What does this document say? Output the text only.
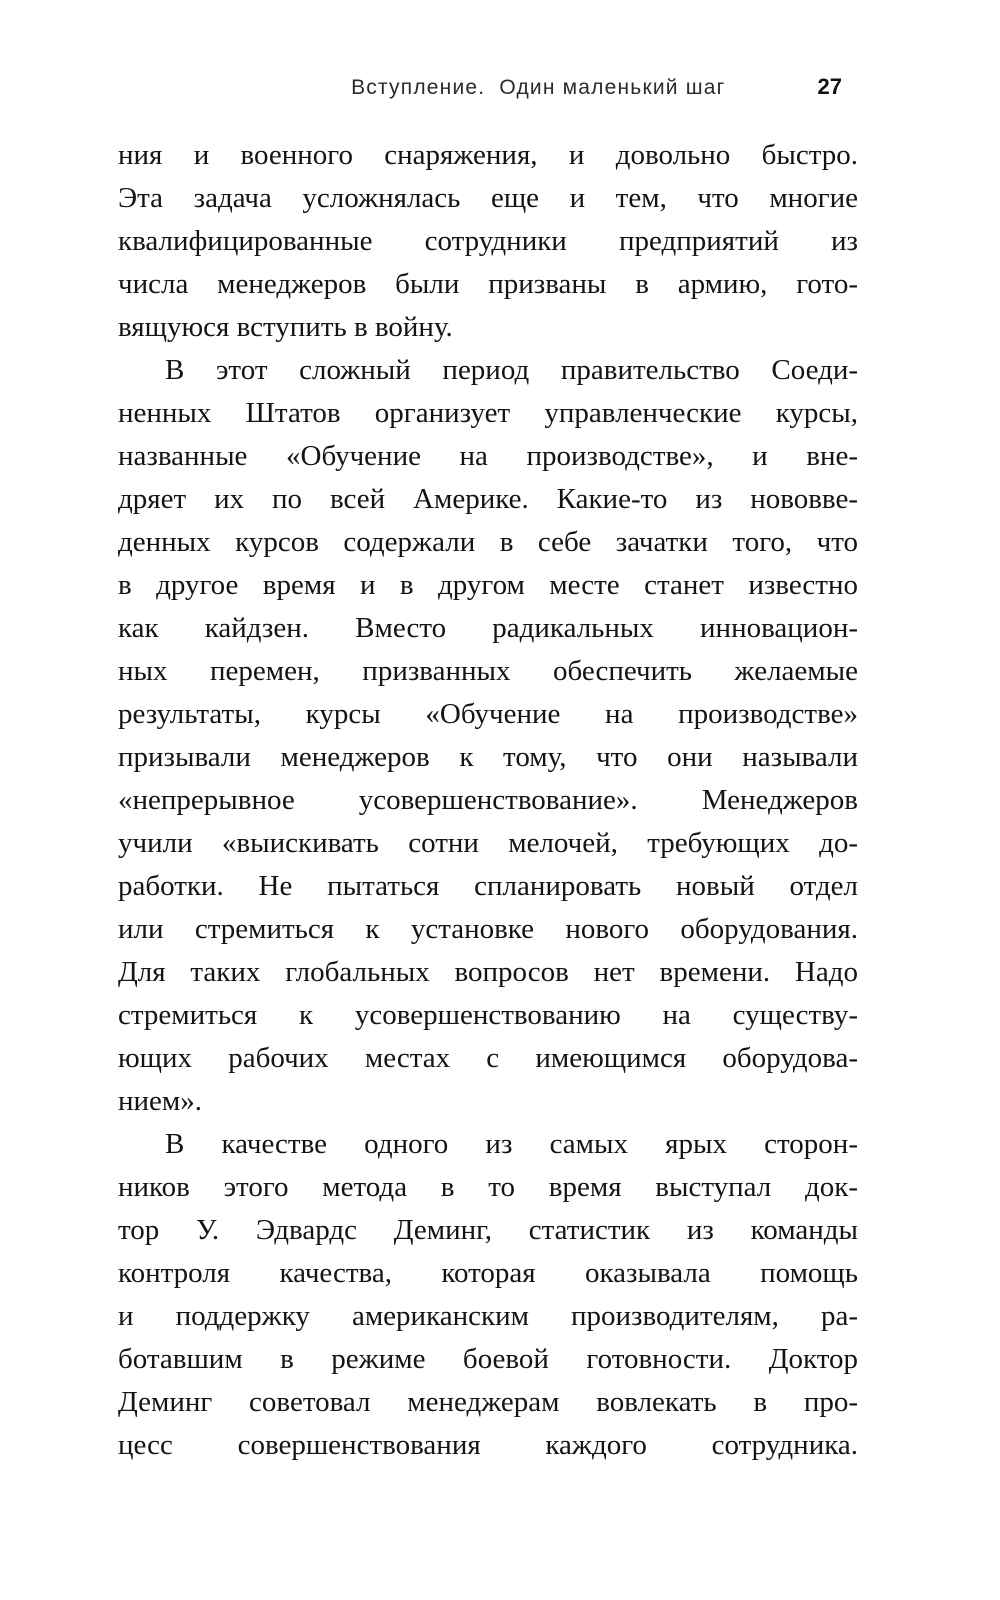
Вступление.  Один маленький шаг	27

ния и военного снаряжения, и довольно быстро.
Эта задача усложнялась еще и тем, что многие
квалифицированные сотрудники предприятий из
числа менеджеров были призваны в армию, гото-
вящуюся вступить в войну.

В этот сложный период правительство Соеди-
ненных Штатов организует управленческие курсы,
названные «Обучение на производстве», и вне-
дряет их по всей Америке. Какие-то из нововве-
денных курсов содержали в себе зачатки того, что
в другое время и в другом месте станет известно
как кайдзен. Вместо радикальных инновацион-
ных перемен, призванных обеспечить желаемые
результаты, курсы «Обучение на производстве»
призывали менеджеров к тому, что они называли
«непрерывное усовершенствование». Менеджеров
учили «выискивать сотни мелочей, требующих до-
работки. Не пытаться спланировать новый отдел
или стремиться к установке нового оборудования.
Для таких глобальных вопросов нет времени. Надо
стремиться к усовершенствованию на существу-
ющих рабочих местах с имеющимся оборудова-
нием».

В качестве одного из самых ярых сторон-
ников этого метода в то время выступал док-
тор У. Эдвардс Деминг, статистик из команды
контроля качества, которая оказывала помощь
и поддержку американским производителям, ра-
ботавшим в режиме боевой готовности. Доктор
Деминг советовал менеджерам вовлекать в про-
цесс совершенствования каждого сотрудника.
